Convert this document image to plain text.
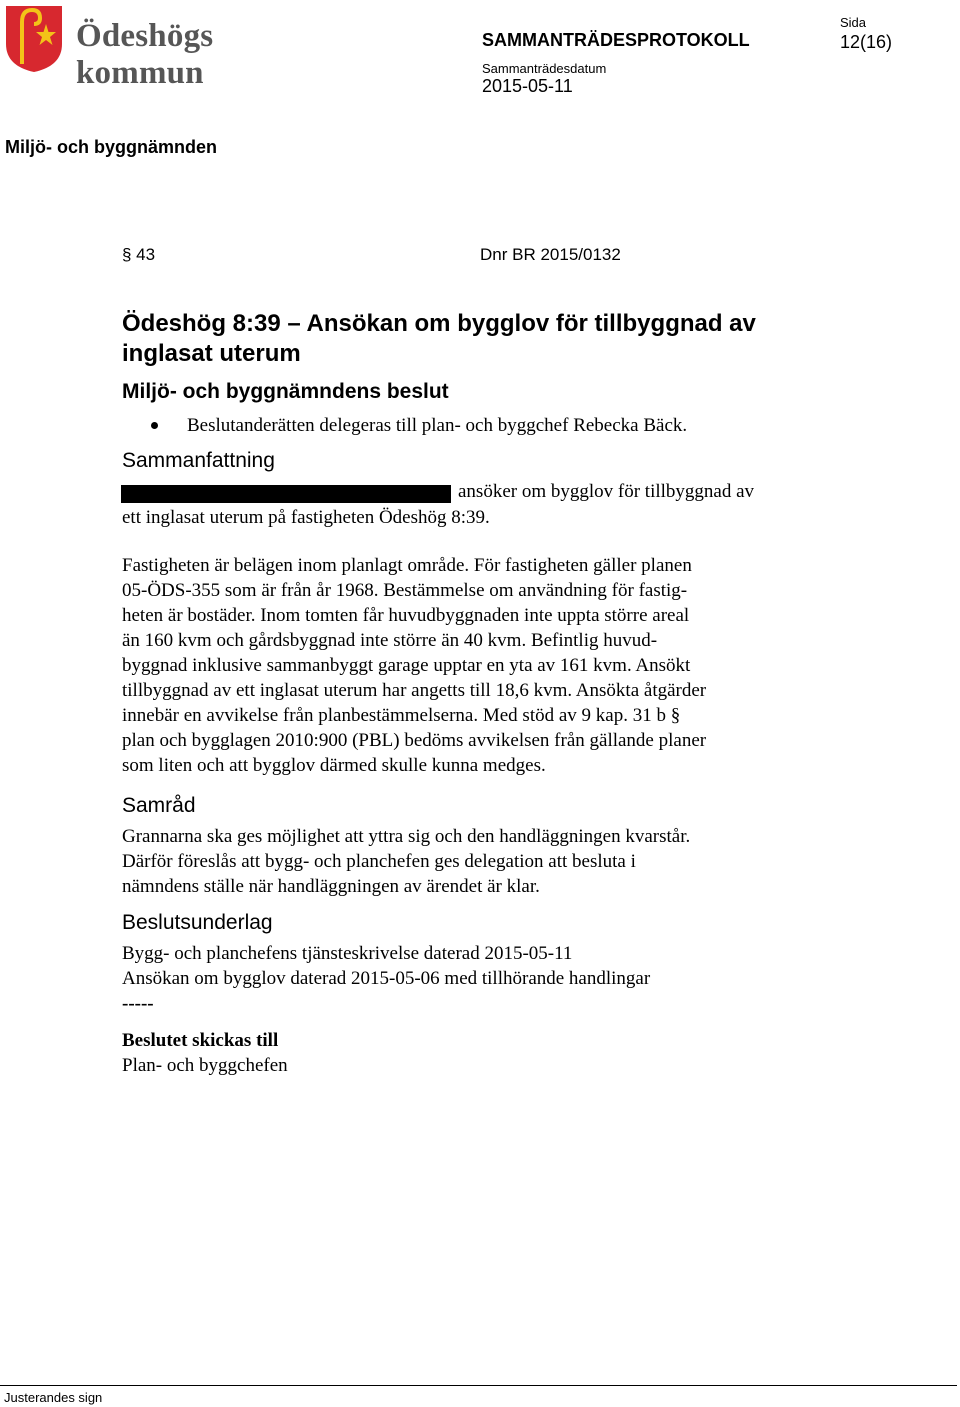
Ödeshögs kommun
SAMMANTRÄDESPROTOKOLL
Sida
12(16)
Sammanträdesdatum
2015-05-11
Miljö- och byggnämnden
§ 43	Dnr BR 2015/0132
Ödeshög 8:39 – Ansökan om bygglov för tillbyggnad av
inglasat uterum
Miljö- och byggnämndens beslut
Beslutanderätten delegeras till plan- och byggchef Rebecka Bäck.
Sammanfattning
ansöker om bygglov för tillbyggnad av
ett inglasat uterum på fastigheten Ödeshög 8:39.
Fastigheten är belägen inom planlagt område. För fastigheten gäller planen
05-ÖDS-355 som är från år 1968. Bestämmelse om användning för fastig-
heten är bostäder. Inom tomten får huvudbyggnaden inte uppta större areal
än 160 kvm och gårdsbyggnad inte större än 40 kvm. Befintlig huvud-
byggnad inklusive sammanbyggt garage upptar en yta av 161 kvm. Ansökt
tillbyggnad av ett inglasat uterum har angetts till 18,6 kvm. Ansökta åtgärder
innebär en avvikelse från planbestämmelserna. Med stöd av 9 kap. 31 b §
plan och bygglagen 2010:900 (PBL) bedöms avvikelsen från gällande planer
som liten och att bygglov därmed skulle kunna medges.
Samråd
Grannarna ska ges möjlighet att yttra sig och den handläggningen kvarstår.
Därför föreslås att bygg- och planchefen ges delegation att besluta i
nämndens ställe när handläggningen av ärendet är klar.
Beslutsunderlag
Bygg- och planchefens tjänsteskrivelse daterad 2015-05-11
Ansökan om bygglov daterad 2015-05-06 med tillhörande handlingar
-----
Beslutet skickas till
Plan- och byggchefen
Justerandes sign
